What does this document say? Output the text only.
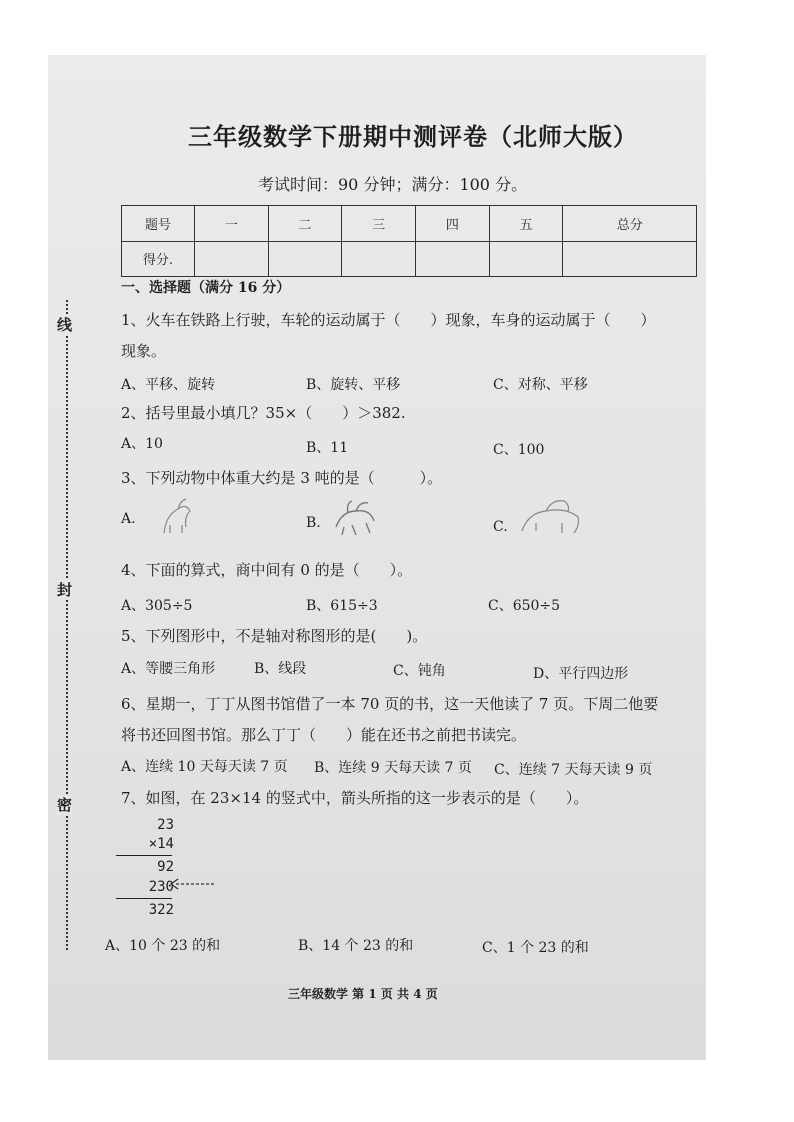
三年级数学下册期中测评卷（北师大版）
考试时间：90 分钟；满分：100 分。
题号	一	二	三	四	五	总分
得分.						
线
封
密
一、选择题（满分 16 分）
1、火车在铁路上行驶，车轮的运动属于（　　）现象，车身的运动属于（　　）
现象。
A、平移、旋转	B、旋转、平移	C、对称、平移
2、括号里最小填几？35×（　　）＞382.
A、10	B、11	C、100
3、下列动物中体重大约是 3 吨的是（　　　）。
A.	B.	C.
4、下面的算式，商中间有 0 的是（　　）。
A、305÷5	B、615÷3	C、650÷5
5、下列图形中，不是轴对称图形的是(　　)。
A、等腰三角形	B、线段	C、钝角	D、平行四边形
6、星期一，丁丁从图书馆借了一本 70 页的书，这一天他读了 7 页。下周二他要
将书还回图书馆。那么丁丁（　　）能在还书之前把书读完。
A、连续 10 天每天读 7 页 B、连续 9 天每天读 7 页 C、连续 7 天每天读 9 页
7、如图，在 23×14 的竖式中，箭头所指的这一步表示的是（　　）。
23
×14
92
230
322
A、10 个 23 的和	B、14 个 23 的和	C、1 个 23 的和
三年级数学 第 1 页 共 4 页
